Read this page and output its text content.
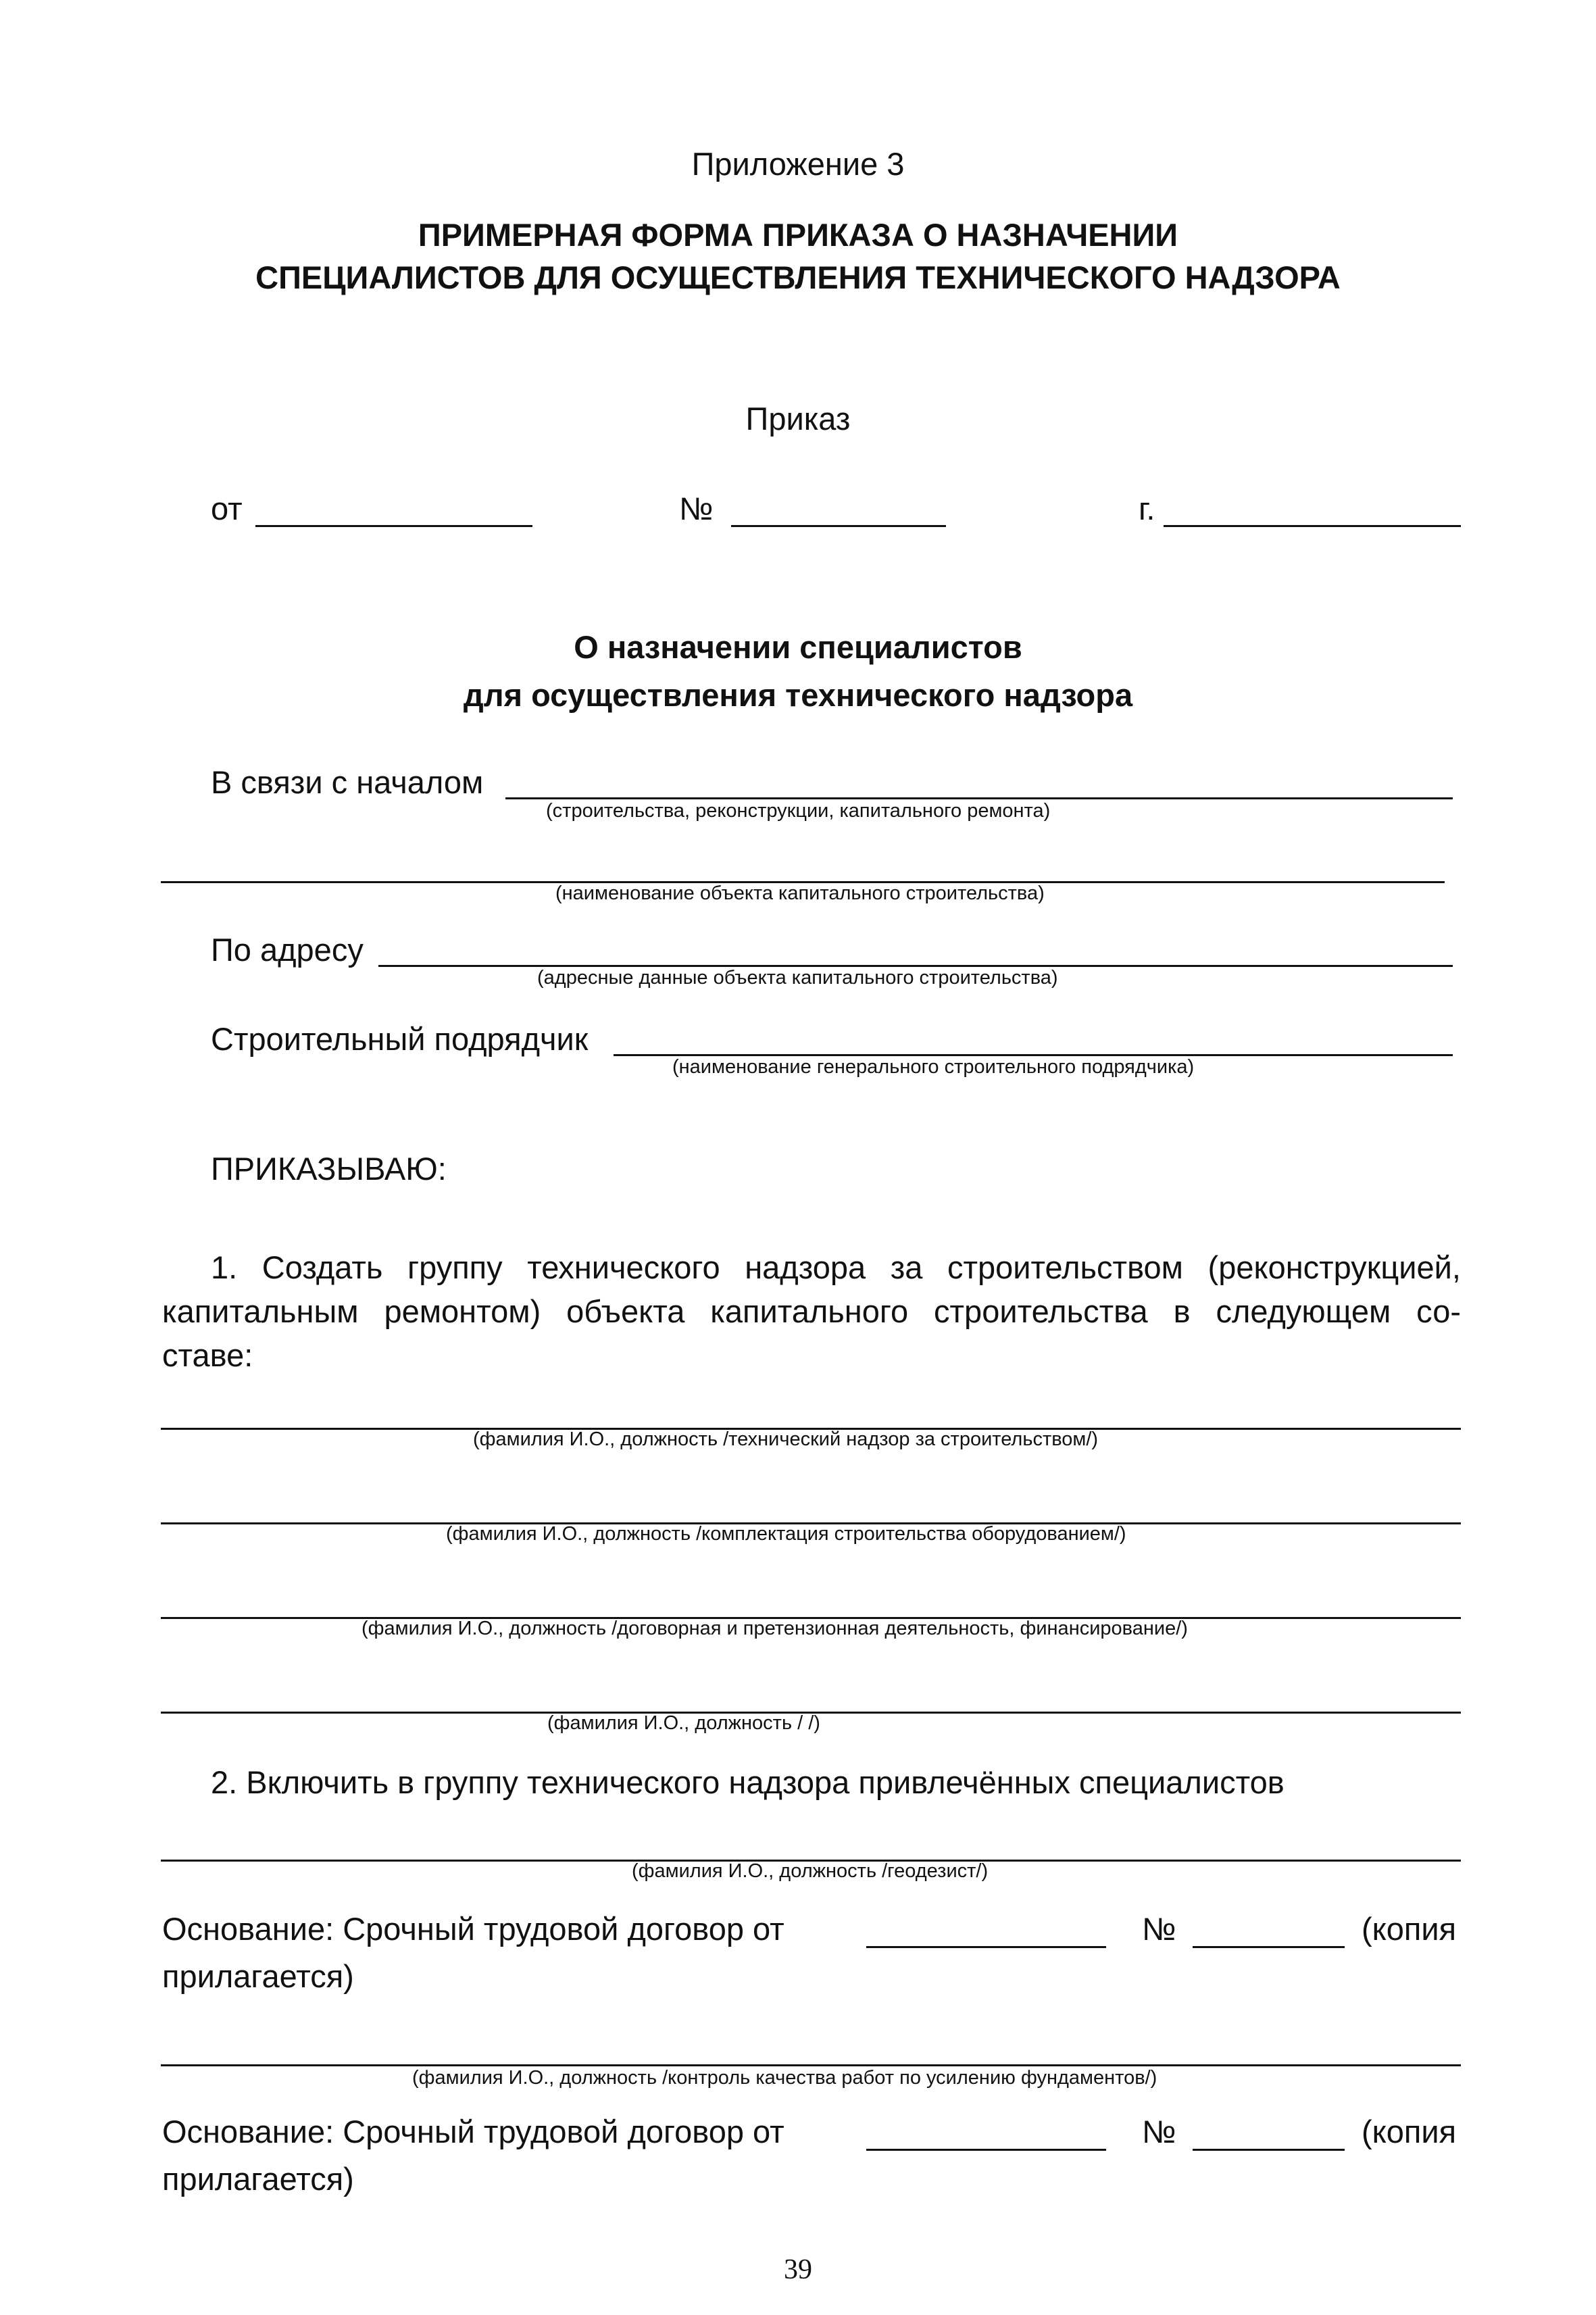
Приложение 3
ПРИМЕРНАЯ ФОРМА ПРИКАЗА О НАЗНАЧЕНИИ
СПЕЦИАЛИСТОВ ДЛЯ ОСУЩЕСТВЛЕНИЯ ТЕХНИЧЕСКОГО НАДЗОРА
Приказ
от	№	г.
О назначении специалистов
для осуществления технического надзора
В связи с началом
(строительства, реконструкции, капитального ремонта)
(наименование объекта капитального строительства)
По адресу
(адресные данные объекта капитального строительства)
Строительный подрядчик
(наименование генерального строительного подрядчика)
ПРИКАЗЫВАЮ:
1. Создать группу технического надзора за строительством (реконструкцией,
капитальным ремонтом) объекта капитального строительства в следующем со-
ставе:
(фамилия И.О., должность /технический надзор за строительством/)
(фамилия И.О., должность /комплектация строительства оборудованием/)
(фамилия И.О., должность /договорная и претензионная деятельность, финансирование/)
(фамилия И.О., должность / /)
2. Включить в группу технического надзора привлечённых специалистов
(фамилия И.О., должность /геодезист/)
Основание: Срочный трудовой договор от	№	(копия
прилагается)
(фамилия И.О., должность /контроль качества работ по усилению фундаментов/)
Основание: Срочный трудовой договор от	№	(копия
прилагается)
39
